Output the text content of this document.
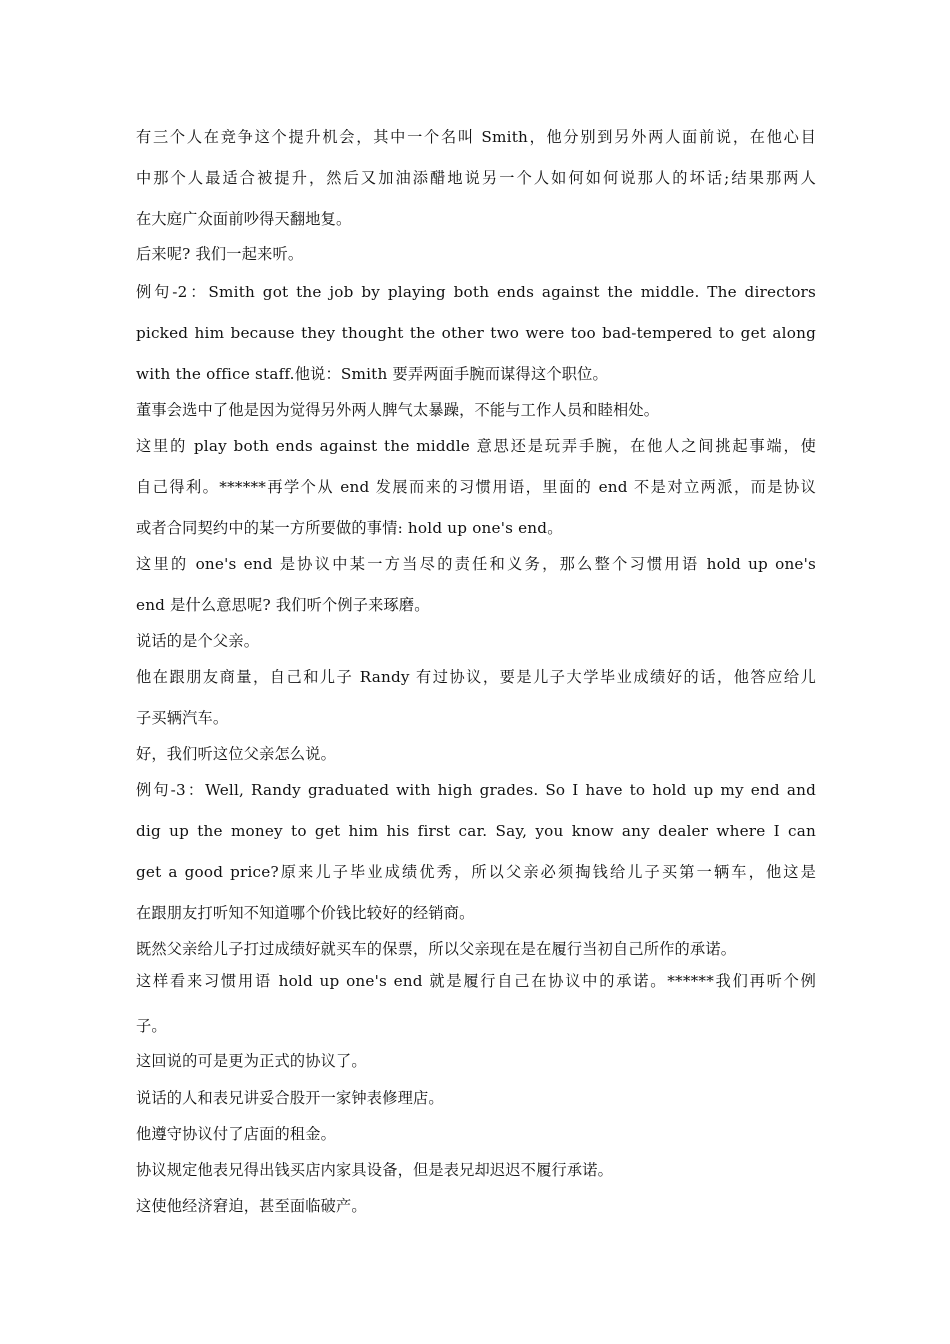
有三个人在竞争这个提升机会，其中一个名叫 Smith，他分别到另外两人面前说，在他心目
中那个人最适合被提升，然后又加油添醋地说另一个人如何如何说那人的坏话;结果那两人
在大庭广众面前吵得天翻地复。
后来呢? 我们一起来听。
例句-2：Smith got the job by playing both ends against the middle. The directors
picked him because they thought the other two were too bad-tempered to get along
with the office staff.他说：Smith 要弄两面手腕而谋得这个职位。
董事会选中了他是因为觉得另外两人脾气太暴躁，不能与工作人员和睦相处。
这里的 play both ends against the middle 意思还是玩弄手腕，在他人之间挑起事端，使
自己得利。******再学个从 end 发展而来的习惯用语，里面的 end 不是对立两派，而是协议
或者合同契约中的某一方所要做的事情: hold up one's end。
这里的 one's end 是协议中某一方当尽的责任和义务，那么整个习惯用语 hold up one's
end 是什么意思呢? 我们听个例子来琢磨。
说话的是个父亲。
他在跟朋友商量，自己和儿子 Randy 有过协议，要是儿子大学毕业成绩好的话，他答应给儿
子买辆汽车。
好，我们听这位父亲怎么说。
例句-3：Well, Randy graduated with high grades. So I have to hold up my end and
dig up the money to get him his first car. Say, you know any dealer where I can
get a good price?原来儿子毕业成绩优秀，所以父亲必须掏钱给儿子买第一辆车，他这是
在跟朋友打听知不知道哪个价钱比较好的经销商。
既然父亲给儿子打过成绩好就买车的保票，所以父亲现在是在履行当初自己所作的承诺。
这样看来习惯用语 hold up one's end 就是履行自己在协议中的承诺。******我们再听个例
子。
这回说的可是更为正式的协议了。
说话的人和表兄讲妥合股开一家钟表修理店。
他遵守协议付了店面的租金。
协议规定他表兄得出钱买店内家具设备，但是表兄却迟迟不履行承诺。
这使他经济窘迫，甚至面临破产。
